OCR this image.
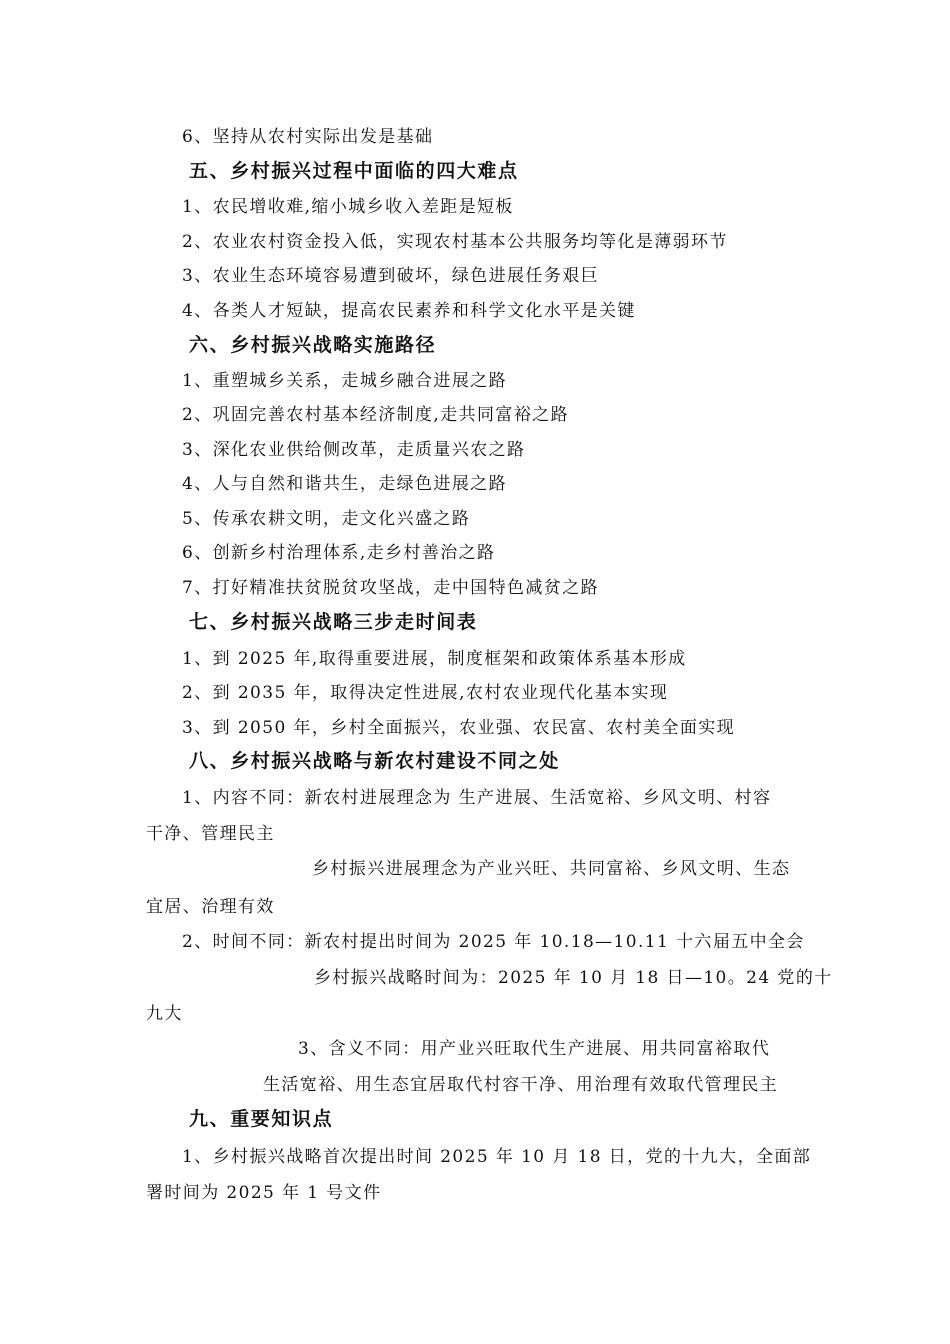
6、坚持从农村实际出发是基础
五、乡村振兴过程中面临的四大难点
1、农民增收难,缩小城乡收入差距是短板
2、农业农村资金投入低，实现农村基本公共服务均等化是薄弱环节
3、农业生态环境容易遭到破坏，绿色进展任务艰巨
4、各类人才短缺，提高农民素养和科学文化水平是关键
六、乡村振兴战略实施路径
1、重塑城乡关系，走城乡融合进展之路
2、巩固完善农村基本经济制度,走共同富裕之路
3、深化农业供给侧改革，走质量兴农之路
4、人与自然和谐共生，走绿色进展之路
5、传承农耕文明，走文化兴盛之路
6、创新乡村治理体系,走乡村善治之路
7、打好精准扶贫脱贫攻坚战，走中国特色减贫之路
七、乡村振兴战略三步走时间表
1、到 2025 年,取得重要进展，制度框架和政策体系基本形成
2、到 2035 年，取得决定性进展,农村农业现代化基本实现
3、到 2050 年，乡村全面振兴，农业强、农民富、农村美全面实现
八、乡村振兴战略与新农村建设不同之处
1、内容不同：新农村进展理念为 生产进展、生活宽裕、乡风文明、村容
干净、管理民主
乡村振兴进展理念为产业兴旺、共同富裕、乡风文明、生态
宜居、治理有效
2、时间不同：新农村提出时间为 2025 年 10.18—10.11 十六届五中全会
乡村振兴战略时间为：2025 年 10 月 18 日—10。24 党的十
九大
3、含义不同：用产业兴旺取代生产进展、用共同富裕取代
生活宽裕、用生态宜居取代村容干净、用治理有效取代管理民主
九、重要知识点
1、乡村振兴战略首次提出时间 2025 年 10 月 18 日，党的十九大，全面部
署时间为 2025 年 1 号文件
